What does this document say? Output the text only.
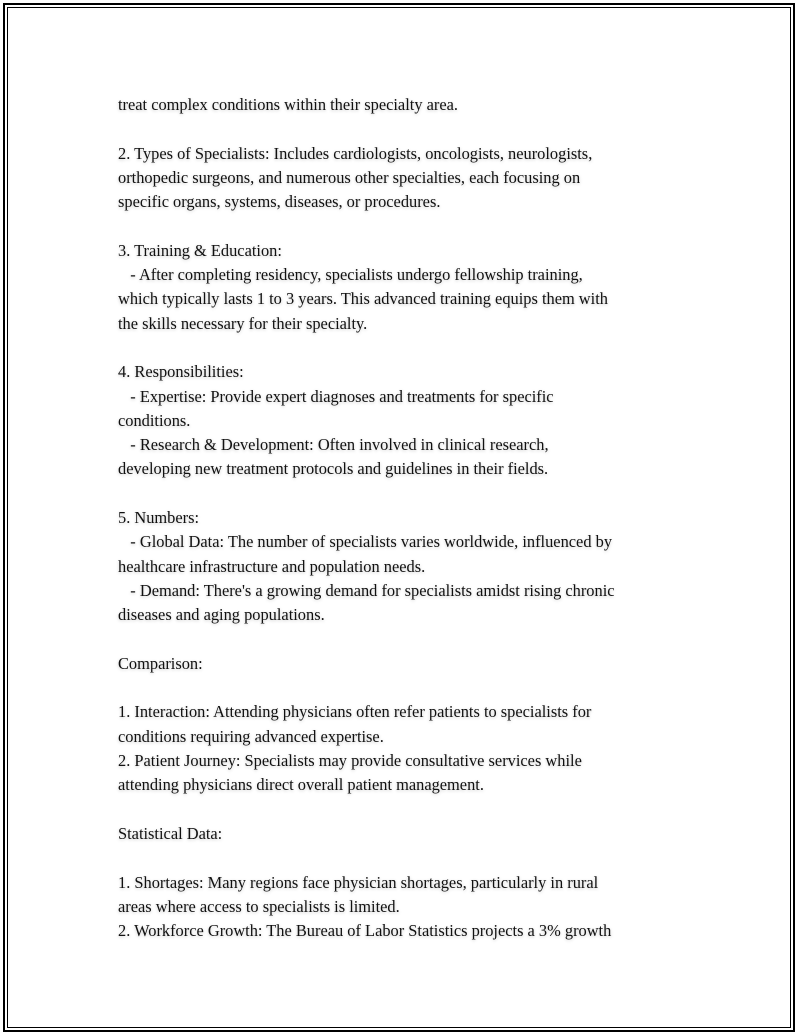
treat complex conditions within their specialty area.

2. Types of Specialists: Includes cardiologists, oncologists, neurologists,
orthopedic surgeons, and numerous other specialties, each focusing on
specific organs, systems, diseases, or procedures.

3. Training & Education:
- After completing residency, specialists undergo fellowship training,
which typically lasts 1 to 3 years. This advanced training equips them with
the skills necessary for their specialty.

4. Responsibilities:
- Expertise: Provide expert diagnoses and treatments for specific
conditions.
- Research & Development: Often involved in clinical research,
developing new treatment protocols and guidelines in their fields.

5. Numbers:
- Global Data: The number of specialists varies worldwide, influenced by
healthcare infrastructure and population needs.
- Demand: There's a growing demand for specialists amidst rising chronic
diseases and aging populations.

Comparison:

1. Interaction: Attending physicians often refer patients to specialists for
conditions requiring advanced expertise.
2. Patient Journey: Specialists may provide consultative services while
attending physicians direct overall patient management.

Statistical Data:

1. Shortages: Many regions face physician shortages, particularly in rural
areas where access to specialists is limited.
2. Workforce Growth: The Bureau of Labor Statistics projects a 3% growth
